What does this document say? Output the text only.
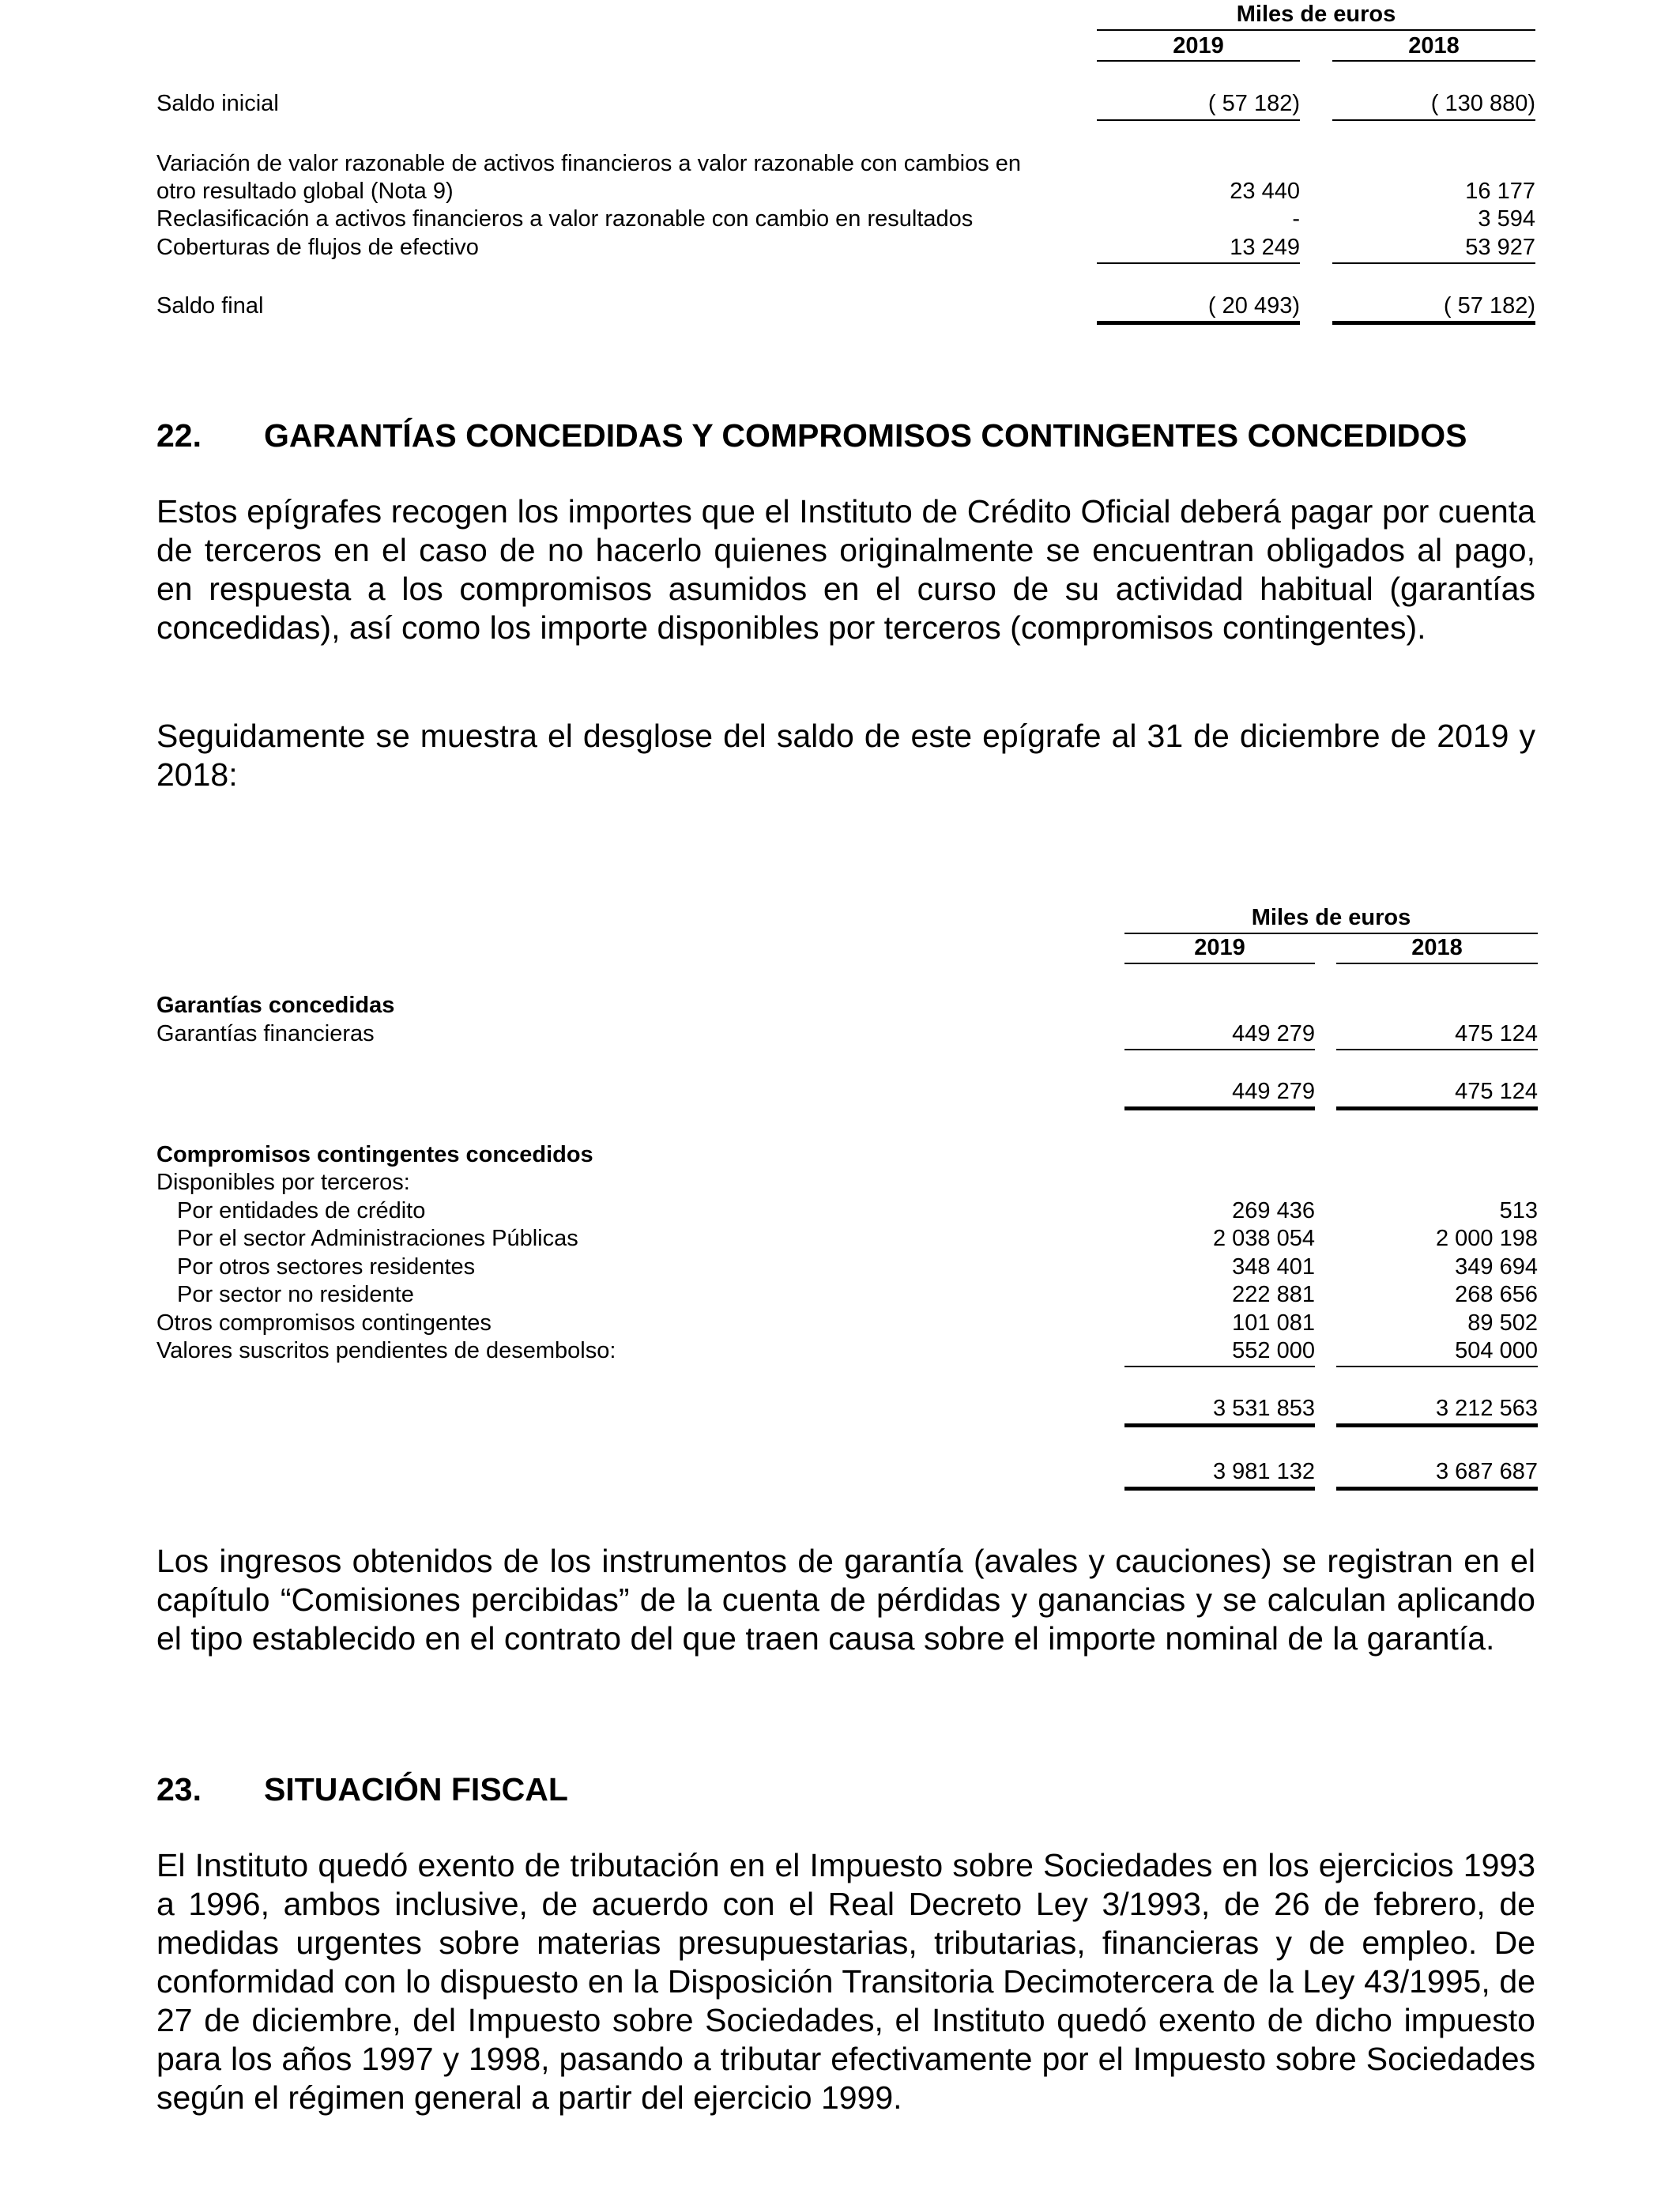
Miles de euros
2019	2018
Saldo inicial	( 57 182)	( 130 880)
Variación de valor razonable de activos financieros a valor razonable con cambios en
otro resultado global (Nota 9)	23 440	16 177
Reclasificación a activos financieros a valor razonable con cambio en resultados	-	3 594
Coberturas de flujos de efectivo	13 249	53 927
Saldo final	( 20 493)	( 57 182)
22. GARANTÍAS CONCEDIDAS Y COMPROMISOS CONTINGENTES CONCEDIDOS

Estos epígrafes recogen los importes que el Instituto de Crédito Oficial deberá pagar por cuenta de terceros en el caso de no hacerlo quienes originalmente se encuentran obligados al pago, en respuesta a los compromisos asumidos en el curso de su actividad habitual (garantías concedidas), así como los importe disponibles por terceros (compromisos contingentes).

Seguidamente se muestra el desglose del saldo de este epígrafe al 31 de diciembre de 2019 y 2018:

Miles de euros
2019	2018
Garantías concedidas
Garantías financieras	449 279	475 124
449 279	475 124
Compromisos contingentes concedidos
Disponibles por terceros:
Por entidades de crédito	269 436	513
Por el sector Administraciones Públicas	2 038 054	2 000 198
Por otros sectores residentes	348 401	349 694
Por sector no residente	222 881	268 656
Otros compromisos contingentes	101 081	89 502
Valores suscritos pendientes de desembolso:	552 000	504 000
3 531 853	3 212 563
3 981 132	3 687 687

Los ingresos obtenidos de los instrumentos de garantía (avales y cauciones) se registran en el capítulo “Comisiones percibidas” de la cuenta de pérdidas y ganancias y se calculan aplicando el tipo establecido en el contrato del que traen causa sobre el importe nominal de la garantía.

23. SITUACIÓN FISCAL

El Instituto quedó exento de tributación en el Impuesto sobre Sociedades en los ejercicios 1993 a 1996, ambos inclusive, de acuerdo con el Real Decreto Ley 3/1993, de 26 de febrero, de medidas urgentes sobre materias presupuestarias, tributarias, financieras y de empleo. De conformidad con lo dispuesto en la Disposición Transitoria Decimotercera de la Ley 43/1995, de 27 de diciembre, del Impuesto sobre Sociedades, el Instituto quedó exento de dicho impuesto para los años 1997 y 1998, pasando a tributar efectivamente por el Impuesto sobre Sociedades según el régimen general a partir del ejercicio 1999.
